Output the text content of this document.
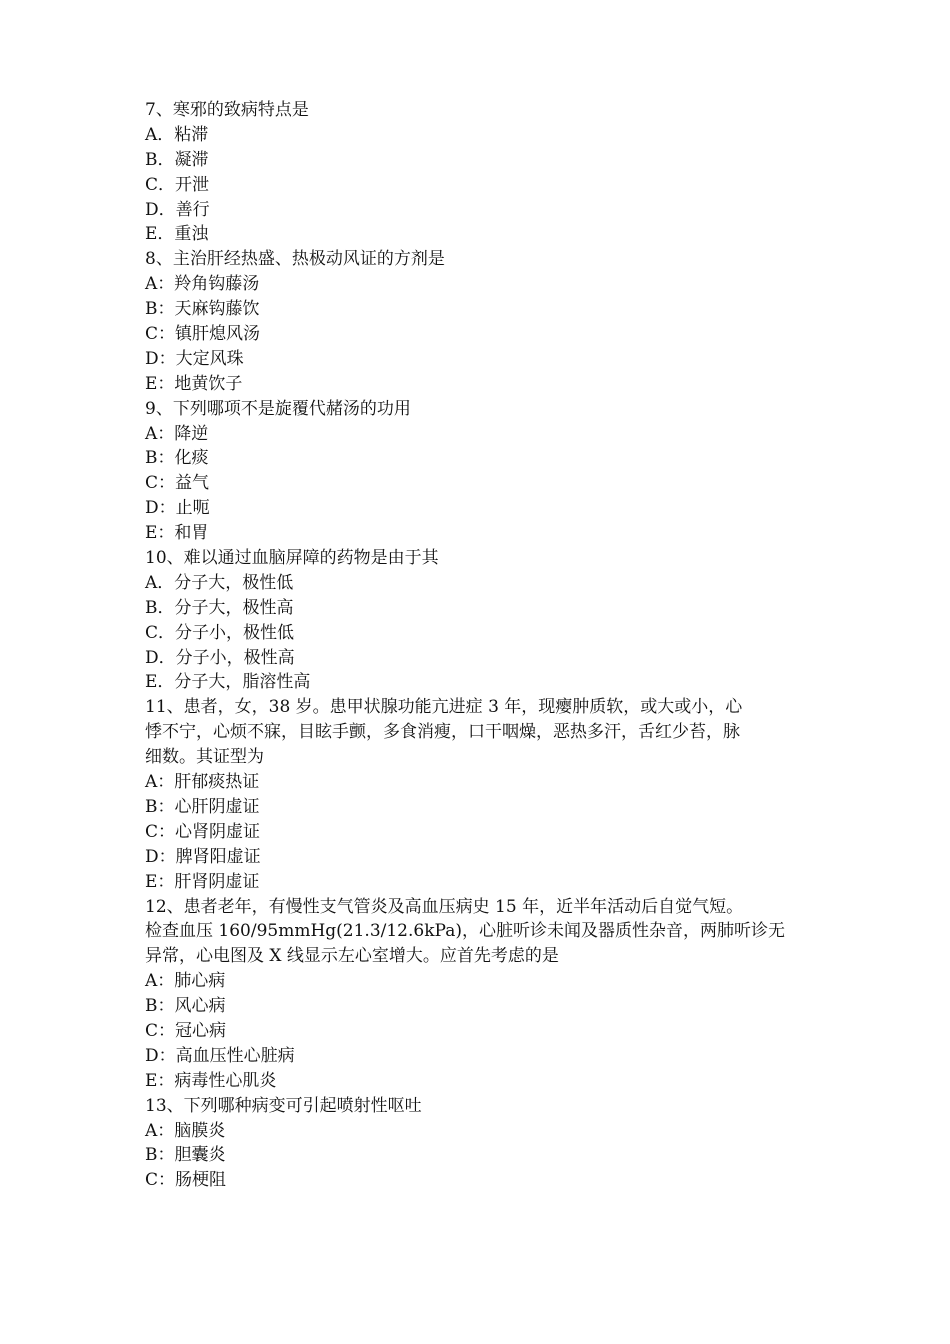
7、寒邪的致病特点是
A．粘滞
B．凝滞
C．开泄
D．善行
E．重浊
8、主治肝经热盛、热极动风证的方剂是
A：羚角钩藤汤
B：天麻钩藤饮
C：镇肝熄风汤
D：大定风珠
E：地黄饮子
9、下列哪项不是旋覆代赭汤的功用
A：降逆
B：化痰
C：益气
D：止呃
E：和胃
10、难以通过血脑屏障的药物是由于其
A．分子大，极性低
B．分子大，极性高
C．分子小，极性低
D．分子小，极性高
E．分子大，脂溶性高
11、患者，女，38 岁。患甲状腺功能亢进症 3 年，现瘿肿质软，或大或小，心
悸不宁，心烦不寐，目眩手颤，多食消瘦，口干咽燥，恶热多汗，舌红少苔，脉
细数。其证型为
A：肝郁痰热证
B：心肝阴虚证
C：心肾阴虚证
D：脾肾阳虚证
E：肝肾阴虚证
12、患者老年，有慢性支气管炎及高血压病史 15 年，近半年活动后自觉气短。
检查血压 160/95mmHg(21.3/12.6kPa)，心脏听诊未闻及器质性杂音，两肺听诊无
异常，心电图及 X 线显示左心室增大。应首先考虑的是
A：肺心病
B：风心病
C：冠心病
D：高血压性心脏病
E：病毒性心肌炎
13、下列哪种病变可引起喷射性呕吐
A：脑膜炎
B：胆囊炎
C：肠梗阻
